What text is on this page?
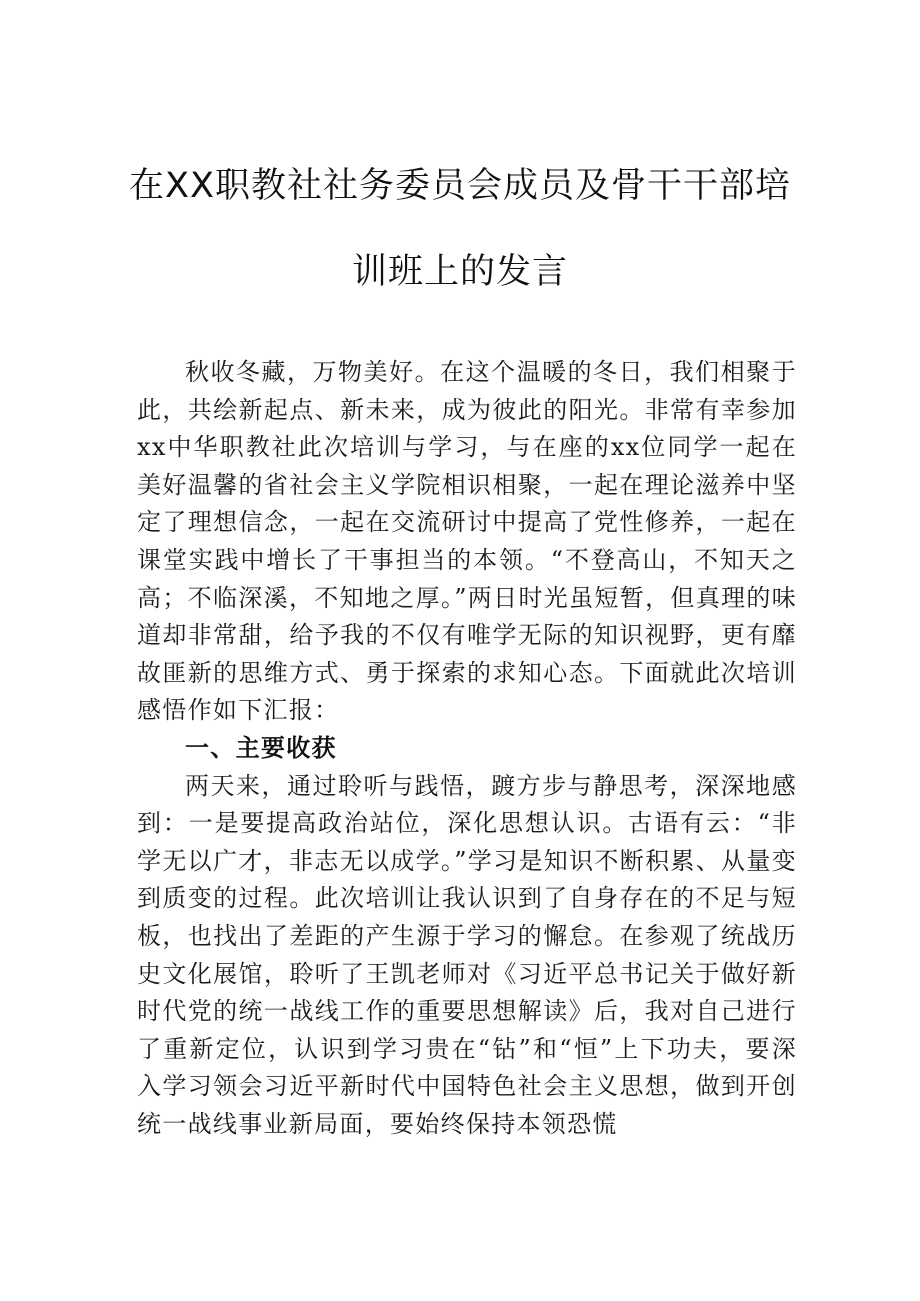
在XX职教社社务委员会成员及骨干干部培
训班上的发言

秋收冬藏，万物美好。在这个温暖的冬日，我们相聚于此，共绘新起点、新未来，成为彼此的阳光。非常有幸参加xx中华职教社此次培训与学习，与在座的xx位同学一起在美好温馨的省社会主义学院相识相聚，一起在理论滋养中坚定了理想信念，一起在交流研讨中提高了党性修养，一起在课堂实践中增长了干事担当的本领。“不登高山，不知天之高；不临深溪，不知地之厚。”两日时光虽短暂，但真理的味道却非常甜，给予我的不仅有唯学无际的知识视野，更有靡故匪新的思维方式、勇于探索的求知心态。下面就此次培训感悟作如下汇报：

一、主要收获

两天来，通过聆听与践悟，踱方步与静思考，深深地感到：一是要提高政治站位，深化思想认识。古语有云：“非学无以广才，非志无以成学。”学习是知识不断积累、从量变到质变的过程。此次培训让我认识到了自身存在的不足与短板，也找出了差距的产生源于学习的懈怠。在参观了统战历史文化展馆，聆听了王凯老师对《习近平总书记关于做好新时代党的统一战线工作的重要思想解读》后，我对自己进行了重新定位，认识到学习贵在“钻”和“恒”上下功夫，要深入学习领会习近平新时代中国特色社会主义思想，做到开创统一战线事业新局面，要始终保持本领恐慌
